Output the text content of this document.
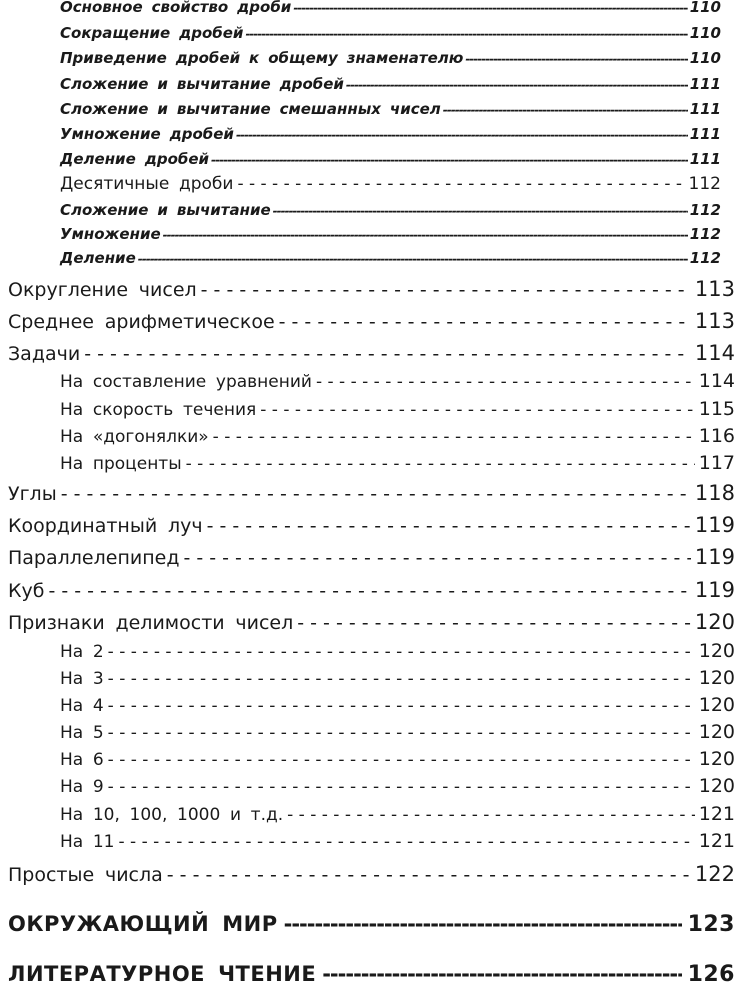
Основное свойство дроби -----	110
Сокращение дробей -----	110
Приведение дробей к общему знаменателю -----	110
Сложение и вычитание дробей -----	111
Сложение и вычитание смешанных чисел -----	111
Умножение дробей -----	111
Деление дробей -----	111
Десятичные дроби - - -	112
Сложение и вычитание -----	112
Умножение -----	112
Деление -----	112
Округление чисел - - -	113
Среднее арифметическое - - -	113
Задачи - - -	114
На составление уравнений - - -	114
На скорость течения - - -	115
На «догонялки» - - -	116
На проценты - - -	117
Углы - - -	118
Координатный луч - - -	119
Параллелепипед - - -	119
Куб - - -	119
Признаки делимости чисел - - -	120
На 2 - - -	120
На 3 - - -	120
На 4 - - -	120
На 5 - - -	120
На 6 - - -	120
На 9 - - -	120
На 10, 100, 1000 и т.д. - - -	121
На 11 - - -	121
Простые числа - - -	122
ОКРУЖАЮЩИЙ МИР -----	123
ЛИТЕРАТУРНОЕ ЧТЕНИЕ -----	126
